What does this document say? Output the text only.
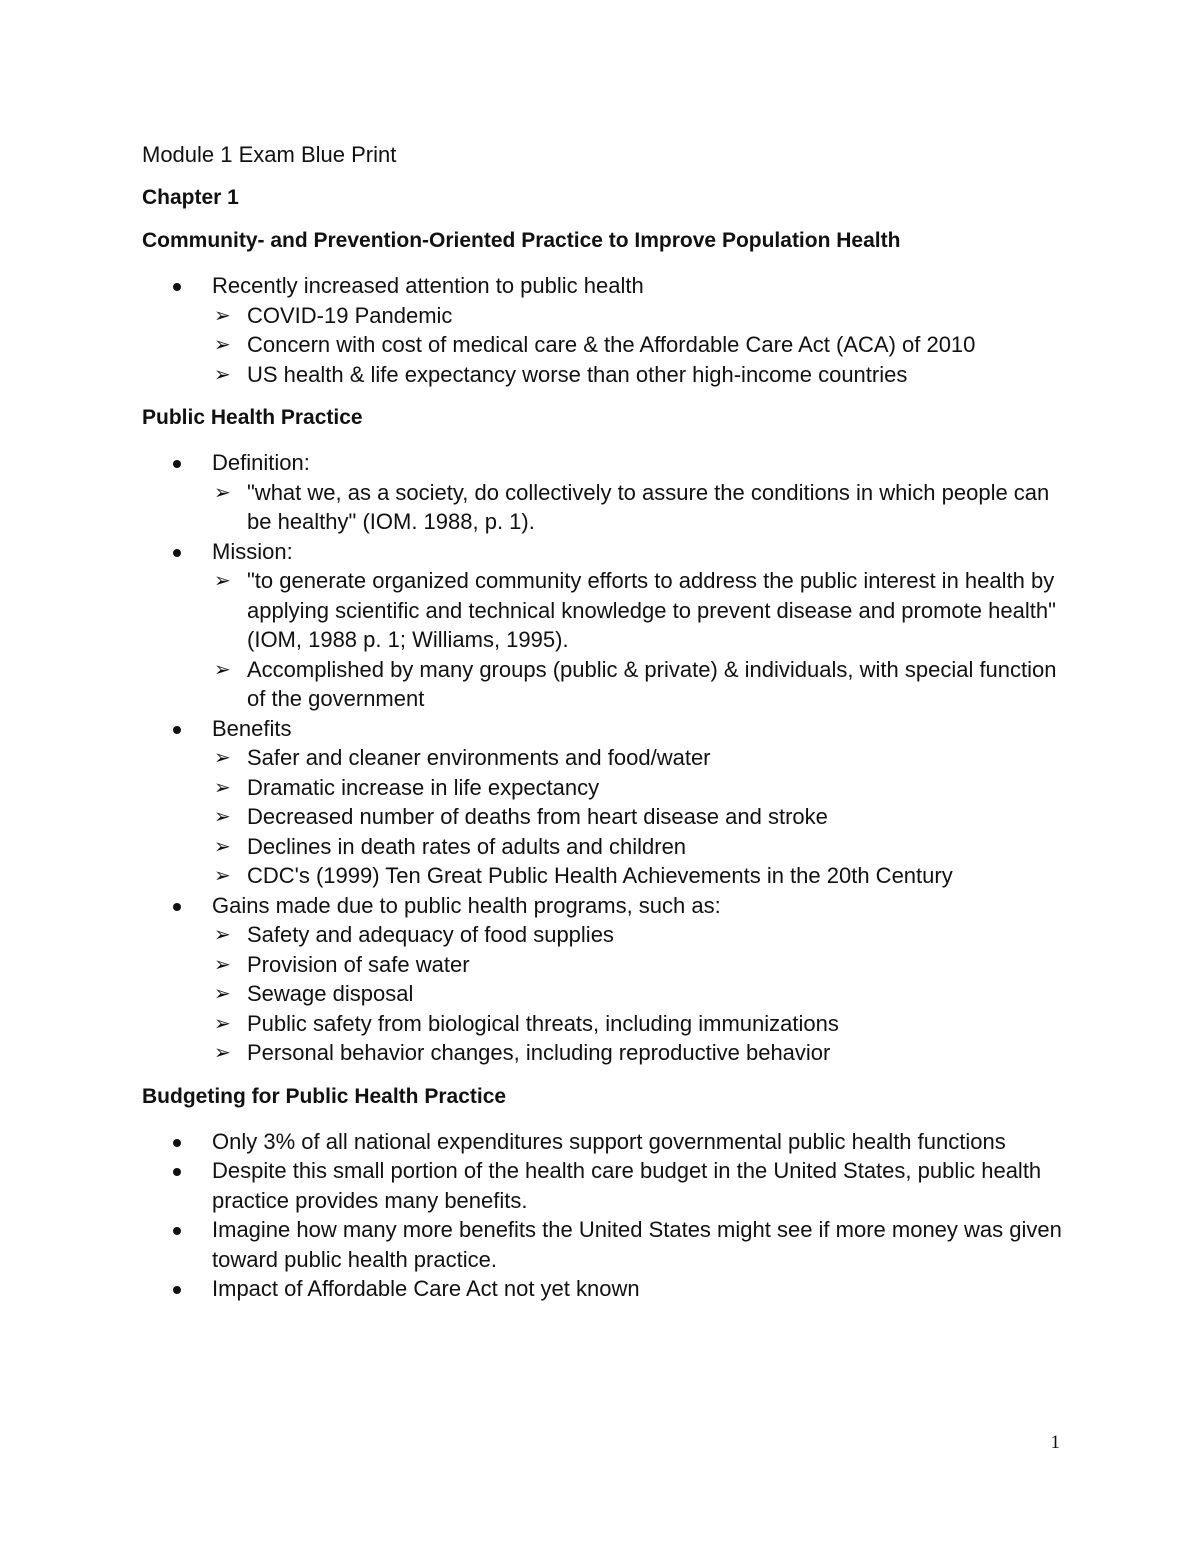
Module 1 Exam Blue Print
Chapter 1
Community- and Prevention-Oriented Practice to Improve Population Health
Recently increased attention to public health
➢ COVID-19 Pandemic
➢ Concern with cost of medical care & the Affordable Care Act (ACA) of 2010
➢ US health & life expectancy worse than other high-income countries
Public Health Practice
Definition:
➢ "what we, as a society, do collectively to assure the conditions in which people can be healthy" (IOM. 1988, p. 1).
Mission:
➢ "to generate organized community efforts to address the public interest in health by applying scientific and technical knowledge to prevent disease and promote health" (IOM, 1988 p. 1; Williams, 1995).
➢ Accomplished by many groups (public & private) & individuals, with special function of the government
Benefits
➢ Safer and cleaner environments and food/water
➢ Dramatic increase in life expectancy
➢ Decreased number of deaths from heart disease and stroke
➢ Declines in death rates of adults and children
➢ CDC's (1999) Ten Great Public Health Achievements in the 20th Century
Gains made due to public health programs, such as:
➢ Safety and adequacy of food supplies
➢ Provision of safe water
➢ Sewage disposal
➢ Public safety from biological threats, including immunizations
➢ Personal behavior changes, including reproductive behavior
Budgeting for Public Health Practice
Only 3% of all national expenditures support governmental public health functions
Despite this small portion of the health care budget in the United States, public health practice provides many benefits.
Imagine how many more benefits the United States might see if more money was given toward public health practice.
Impact of Affordable Care Act not yet known
1
